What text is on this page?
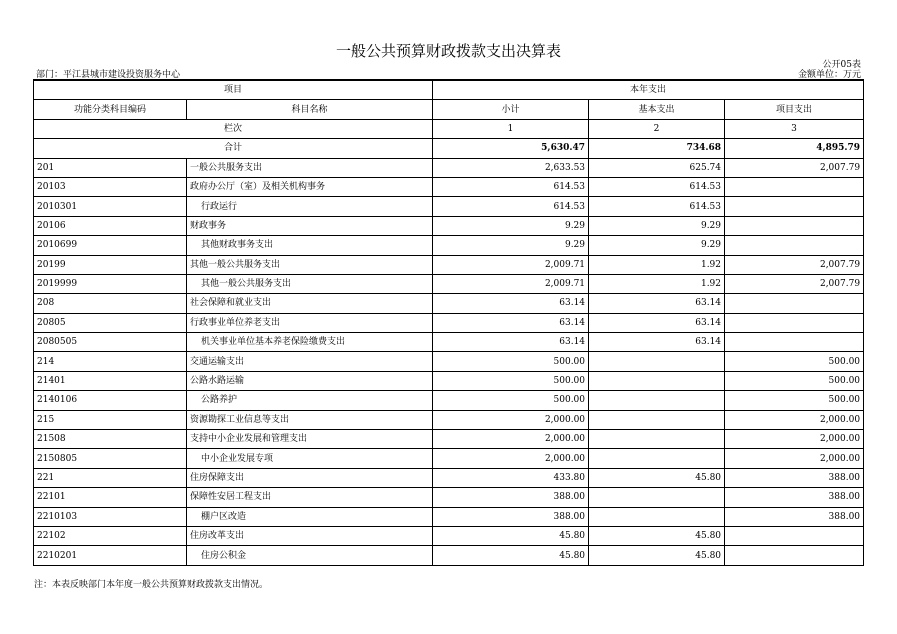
一般公共预算财政拨款支出决算表
公开05表
部门：平江县城市建设投资服务中心	金额单位：万元
项目		本年支出		
功能分类科目编码	科目名称	小计	基本支出	项目支出
栏次		1	2	3
合计		5,630.47	734.68	4,895.79
201	一般公共服务支出	2,633.53	625.74	2,007.79
20103	政府办公厅（室）及相关机构事务	614.53	614.53	
2010301	行政运行	614.53	614.53	
20106	财政事务	9.29	9.29	
2010699	其他财政事务支出	9.29	9.29	
20199	其他一般公共服务支出	2,009.71	1.92	2,007.79
2019999	其他一般公共服务支出	2,009.71	1.92	2,007.79
208	社会保障和就业支出	63.14	63.14	
20805	行政事业单位养老支出	63.14	63.14	
2080505	机关事业单位基本养老保险缴费支出	63.14	63.14	
214	交通运输支出	500.00		500.00
21401	公路水路运输	500.00		500.00
2140106	公路养护	500.00		500.00
215	资源勘探工业信息等支出	2,000.00		2,000.00
21508	支持中小企业发展和管理支出	2,000.00		2,000.00
2150805	中小企业发展专项	2,000.00		2,000.00
221	住房保障支出	433.80	45.80	388.00
22101	保障性安居工程支出	388.00		388.00
2210103	棚户区改造	388.00		388.00
22102	住房改革支出	45.80	45.80	
2210201	住房公积金	45.80	45.80	
注：本表反映部门本年度一般公共预算财政拨款支出情况。
